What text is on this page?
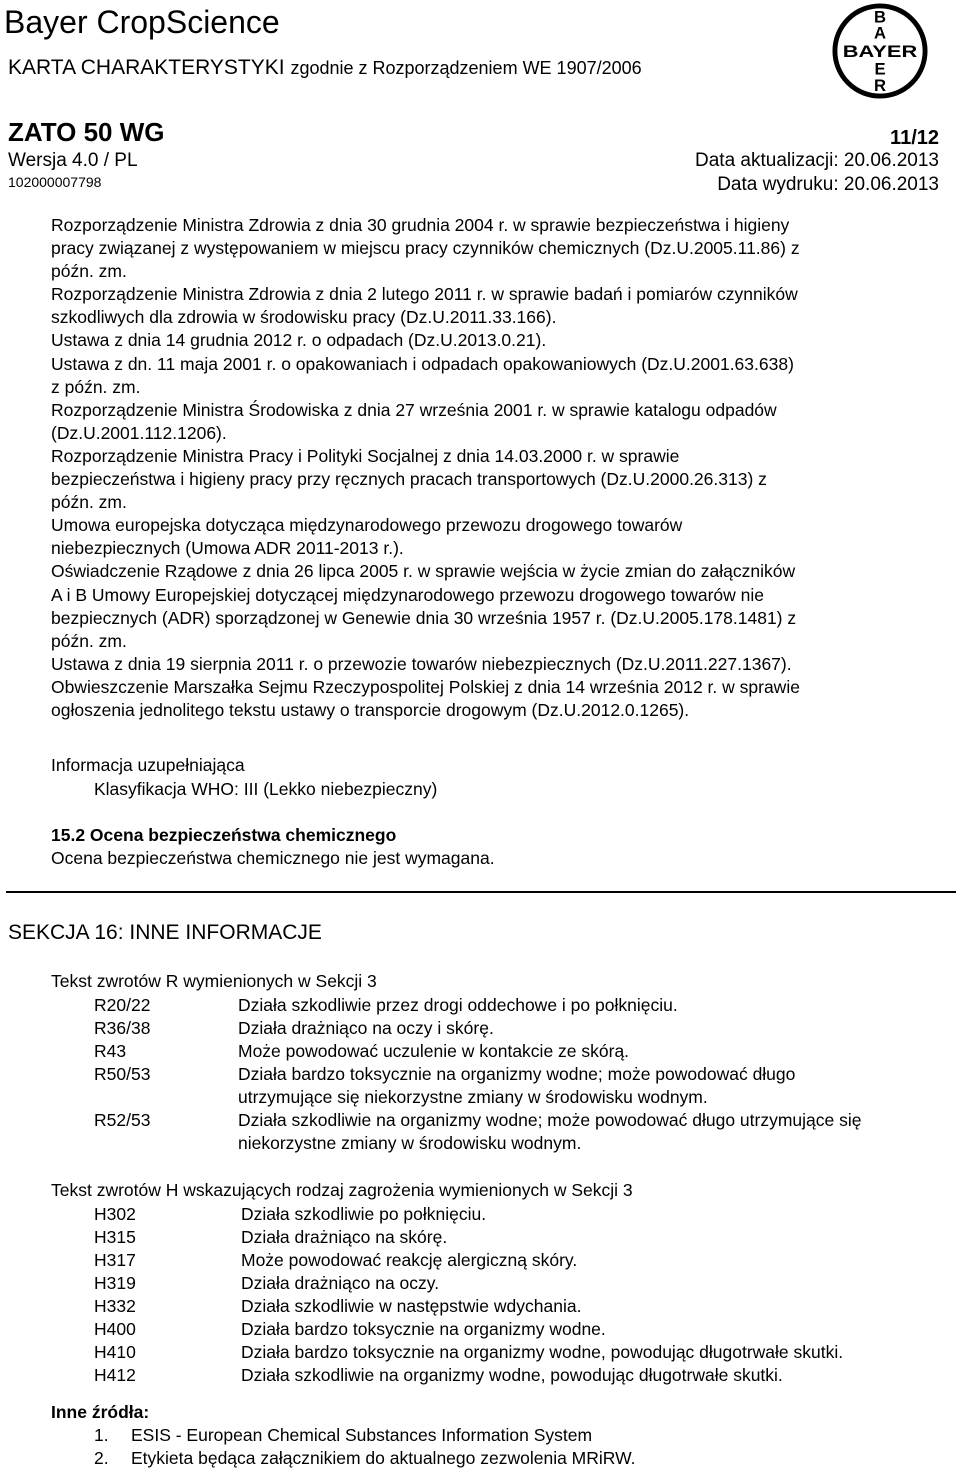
Bayer CropScience
KARTA CHARAKTERYSTYKI zgodnie z Rozporządzeniem WE 1907/2006
B
A
BAYER
E
R
ZATO 50 WG	11/12
Wersja 4.0 / PL	Data aktualizacji: 20.06.2013
102000007798	Data wydruku: 20.06.2013
Rozporządzenie Ministra Zdrowia z dnia 30 grudnia 2004 r. w sprawie bezpieczeństwa i higieny
pracy związanej z występowaniem w miejscu pracy czynników chemicznych (Dz.U.2005.11.86) z
późn. zm.
Rozporządzenie Ministra Zdrowia z dnia 2 lutego 2011 r. w sprawie badań i pomiarów czynników
szkodliwych dla zdrowia w środowisku pracy (Dz.U.2011.33.166).
Ustawa z dnia 14 grudnia 2012 r. o odpadach (Dz.U.2013.0.21).
Ustawa z dn. 11 maja 2001 r. o opakowaniach i odpadach opakowaniowych (Dz.U.2001.63.638)
z późn. zm.
Rozporządzenie Ministra Środowiska z dnia 27 września 2001 r. w sprawie katalogu odpadów
(Dz.U.2001.112.1206).
Rozporządzenie Ministra Pracy i Polityki Socjalnej z dnia 14.03.2000 r. w sprawie
bezpieczeństwa i higieny pracy przy ręcznych pracach transportowych (Dz.U.2000.26.313) z
późn. zm.
Umowa europejska dotycząca międzynarodowego przewozu drogowego towarów
niebezpiecznych (Umowa ADR 2011-2013 r.).
Oświadczenie Rządowe z dnia 26 lipca 2005 r. w sprawie wejścia w życie zmian do załączników
A i B Umowy Europejskiej dotyczącej międzynarodowego przewozu drogowego towarów nie
bezpiecznych (ADR) sporządzonej w Genewie dnia 30 września 1957 r. (Dz.U.2005.178.1481) z
późn. zm.
Ustawa z dnia 19 sierpnia 2011 r. o przewozie towarów niebezpiecznych (Dz.U.2011.227.1367).
Obwieszczenie Marszałka Sejmu Rzeczypospolitej Polskiej z dnia 14 września 2012 r. w sprawie
ogłoszenia jednolitego tekstu ustawy o transporcie drogowym (Dz.U.2012.0.1265).
Informacja uzupełniająca
Klasyfikacja WHO: III (Lekko niebezpieczny)
15.2 Ocena bezpieczeństwa chemicznego
Ocena bezpieczeństwa chemicznego nie jest wymagana.
SEKCJA 16: INNE INFORMACJE
Tekst zwrotów R wymienionych w Sekcji 3
R20/22	Działa szkodliwie przez drogi oddechowe i po połknięciu.
R36/38	Działa drażniąco na oczy i skórę.
R43	Może powodować uczulenie w kontakcie ze skórą.
R50/53	Działa bardzo toksycznie na organizmy wodne; może powodować długo
utrzymujące się niekorzystne zmiany w środowisku wodnym.
R52/53	Działa szkodliwie na organizmy wodne; może powodować długo utrzymujące się
niekorzystne zmiany w środowisku wodnym.
Tekst zwrotów H wskazujących rodzaj zagrożenia wymienionych w Sekcji 3
H302	Działa szkodliwie po połknięciu.
H315	Działa drażniąco na skórę.
H317	Może powodować reakcję alergiczną skóry.
H319	Działa drażniąco na oczy.
H332	Działa szkodliwie w następstwie wdychania.
H400	Działa bardzo toksycznie na organizmy wodne.
H410	Działa bardzo toksycznie na organizmy wodne, powodując długotrwałe skutki.
H412	Działa szkodliwie na organizmy wodne, powodując długotrwałe skutki.
Inne źródła:
1. ESIS - European Chemical Substances Information System
2. Etykieta będąca załącznikiem do aktualnego zezwolenia MRiRW.
